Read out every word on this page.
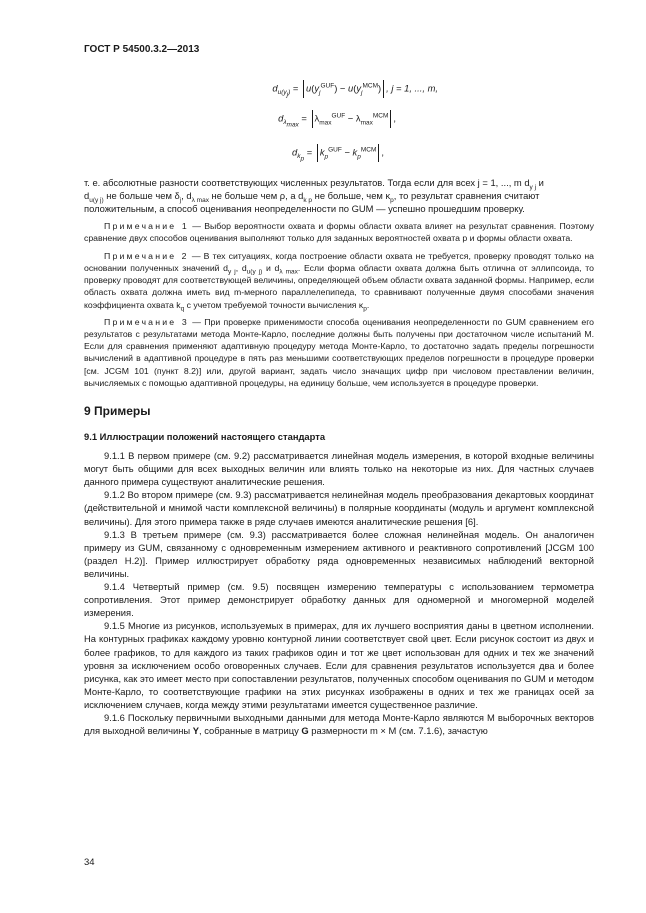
ГОСТ Р 54500.3.2—2013
$d_{u(y_j)} = u(y_j^{GUF}) - u(y_j^{MCM})$ , j = 1, ..., m,
$d_{\lambda_{max}} = \lambda_{max}^{GUF} - \lambda_{max}^{MCM}$ ,
$d_{k_p} = k_p^{GUF} - k_p^{MCM}$ ,

т. е. абсолютные разности соответствующих численных результатов. Тогда если для всех j = 1, ..., m $d_{y j}$ и

$d_{u(y j)}$ не больше чем $\delta_j$, $d_{\lambda max}$ не больше чем ρ, а $d_{k p}$ не больше, чем $\kappa_p$, то результат сравнения считают

положительным, а способ оценивания неопределенности по GUM — успешно прошедшим проверку.

Примечание 1 — Выбор вероятности охвата и формы области охвата влияет на результат сравнения. Поэтому сравнение двух способов оценивания выполняют только для заданных вероятностей охвата p и формы области охвата.

Примечание 2 — В тех ситуациях, когда построение области охвата не требуется, проверку проводят только на основании полученных значений $d_{y j}$, $d_{u(y j)}$ и $d_{\lambda max}$. Если форма области охвата должна быть отлична от эллипсоида, то проверку проводят для соответствующей величины, определяющей объем области охвата заданной формы. Например, если область охвата должна иметь вид m-мерного параллелепипеда, то сравнивают полученные двумя способами значения коэффициента охвата $k_q$ с учетом требуемой точности вычисления $\kappa_p$.

Примечание 3 — При проверке применимости способа оценивания неопределенности по GUM сравнением его результатов с результатами метода Монте-Карло, последние должны быть получены при достаточном числе испытаний M. Если для сравнения применяют адаптивную процедуру метода Монте-Карло, то достаточно задать пределы погрешности вычислений в адаптивной процедуре в пять раз меньшими соответствующих пределов погрешности в процедуре проверки [см. JCGM 101 (пункт 8.2)] или, другой вариант, задать число значащих цифр при числовом преставлении величин, вычисляемых с помощью адаптивной процедуры, на единицу больше, чем используется в процедуре проверки.

9 Примеры
9.1 Иллюстрации положений настоящего стандарта

9.1.1 В первом примере (см. 9.2) рассматривается линейная модель измерения, в которой входные величины могут быть общими для всех выходных величин или влиять только на некоторые из них. Для частных случаев данного примера существуют аналитические решения.

9.1.2 Во втором примере (см. 9.3) рассматривается нелинейная модель преобразования декартовых координат (действительной и мнимой части комплексной величины) в полярные координаты (модуль и аргумент комплексной величины). Для этого примера также в ряде случаев имеются аналитические решения [6].

9.1.3 В третьем примере (см. 9.3) рассматривается более сложная нелинейная модель. Он аналогичен примеру из GUM, связанному с одновременным измерением активного и реактивного сопротивлений [JCGM 100 (раздел H.2)]. Пример иллюстрирует обработку ряда одновременных независимых наблюдений векторной величины.

9.1.4 Четвертый пример (см. 9.5) посвящен измерению температуры с использованием термометра сопротивления. Этот пример демонстрирует обработку данных для одномерной и многомерной моделей измерения.

9.1.5 Многие из рисунков, используемых в примерах, для их лучшего восприятия даны в цветном исполнении. На контурных графиках каждому уровню контурной линии соответствует свой цвет. Если рисунок состоит из двух и более графиков, то для каждого из таких графиков один и тот же цвет использован для одних и тех же значений уровня за исключением особо оговоренных случаев. Если для сравнения результатов используется два и более рисунка, как это имеет место при сопоставлении результатов, полученных способом оценивания по GUM и методом Монте-Карло, то соответствующие графики на этих рисунках изображены в одних и тех же границах осей за исключением случаев, когда между этими результатами имеется существенное различие.

9.1.6 Поскольку первичными выходными данными для метода Монте-Карло являются M выборочных векторов для выходной величины Y, собранные в матрицу G размерности m × M (см. 7.1.6), зачастую

34
